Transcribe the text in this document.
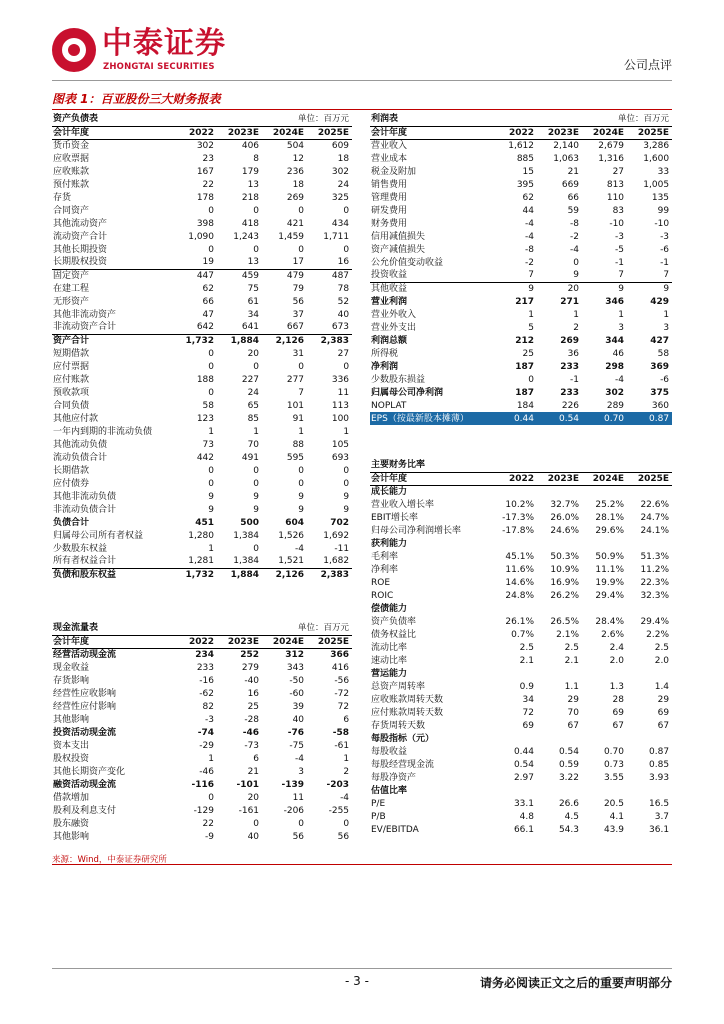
中泰证券
ZHONGTAI SECURITIES	公司点评
图表 1：百亚股份三大财务报表
资产负债表			单位：百万元	
会计年度	2022	2023E	2024E	2025E
货币资金	302	406	504	609
应收票据	23	8	12	18
应收账款	167	179	236	302
预付账款	22	13	18	24
存货	178	218	269	325
合同资产	0	0	0	0
其他流动资产	398	418	421	434
流动资产合计	1,090	1,243	1,459	1,711
其他长期投资	0	0	0	0
长期股权投资	19	13	17	16
固定资产	447	459	479	487
在建工程	62	75	79	78
无形资产	66	61	56	52
其他非流动资产	47	34	37	40
非流动资产合计	642	641	667	673
资产合计	1,732	1,884	2,126	2,383
短期借款	0	20	31	27
应付票据	0	0	0	0
应付账款	188	227	277	336
预收款项	0	24	7	11
合同负债	58	65	101	113
其他应付款	123	85	91	100
一年内到期的非流动负债	1	1	1	1
其他流动负债	73	70	88	105
流动负债合计	442	491	595	693
长期借款	0	0	0	0
应付债券	0	0	0	0
其他非流动负债	9	9	9	9
非流动负债合计	9	9	9	9
负债合计	451	500	604	702
归属母公司所有者权益	1,280	1,384	1,526	1,692
少数股东权益	1	0	-4	-11
所有者权益合计	1,281	1,384	1,521	1,682
负债和股东权益	1,732	1,884	2,126	2,383
利润表			单位：百万元	
会计年度	2022	2023E	2024E	2025E
营业收入	1,612	2,140	2,679	3,286
营业成本	885	1,063	1,316	1,600
税金及附加	15	21	27	33
销售费用	395	669	813	1,005
管理费用	62	66	110	135
研发费用	44	59	83	99
财务费用	-4	-8	-10	-10
信用减值损失	-4	-2	-3	-3
资产减值损失	-8	-4	-5	-6
公允价值变动收益	-2	0	-1	-1
投资收益	7	9	7	7
其他收益	9	20	9	9
营业利润	217	271	346	429
营业外收入	1	1	1	1
营业外支出	5	2	3	3
利润总额	212	269	344	427
所得税	25	36	46	58
净利润	187	233	298	369
少数股东损益	0	-1	-4	-6
归属母公司净利润	187	233	302	375
NOPLAT	184	226	289	360
EPS（按最新股本摊薄）	0.44	0.54	0.70	0.87
主要财务比率				
会计年度	2022	2023E	2024E	2025E
成长能力				
营业收入增长率	10.2%	32.7%	25.2%	22.6%
EBIT增长率	-17.3%	26.0%	28.1%	24.7%
归母公司净利润增长率	-17.8%	24.6%	29.6%	24.1%
获利能力				
毛利率	45.1%	50.3%	50.9%	51.3%
净利率	11.6%	10.9%	11.1%	11.2%
ROE	14.6%	16.9%	19.9%	22.3%
ROIC	24.8%	26.2%	29.4%	32.3%
偿债能力				
资产负债率	26.1%	26.5%	28.4%	29.4%
债务权益比	0.7%	2.1%	2.6%	2.2%
流动比率	2.5	2.5	2.4	2.5
速动比率	2.1	2.1	2.0	2.0
营运能力				
总资产周转率	0.9	1.1	1.3	1.4
应收账款周转天数	34	29	28	29
应付账款周转天数	72	70	69	69
存货周转天数	69	67	67	67
每股指标（元）				
每股收益	0.44	0.54	0.70	0.87
每股经营现金流	0.54	0.59	0.73	0.85
每股净资产	2.97	3.22	3.55	3.93
估值比率				
P/E	33.1	26.6	20.5	16.5
P/B	4.8	4.5	4.1	3.7
EV/EBITDA	66.1	54.3	43.9	36.1
现金流量表			单位：百万元	
会计年度	2022	2023E	2024E	2025E
经营活动现金流	234	252	312	366
现金收益	233	279	343	416
存货影响	-16	-40	-50	-56
经营性应收影响	-62	16	-60	-72
经营性应付影响	82	25	39	72
其他影响	-3	-28	40	6
投资活动现金流	-74	-46	-76	-58
资本支出	-29	-73	-75	-61
股权投资	1	6	-4	1
其他长期资产变化	-46	21	3	2
融资活动现金流	-116	-101	-139	-203
借款增加	0	20	11	-4
股利及利息支付	-129	-161	-206	-255
股东融资	22	0	0	0
其他影响	-9	40	56	56
来源：Wind，中泰证券研究所
- 3 -	请务必阅读正文之后的重要声明部分
